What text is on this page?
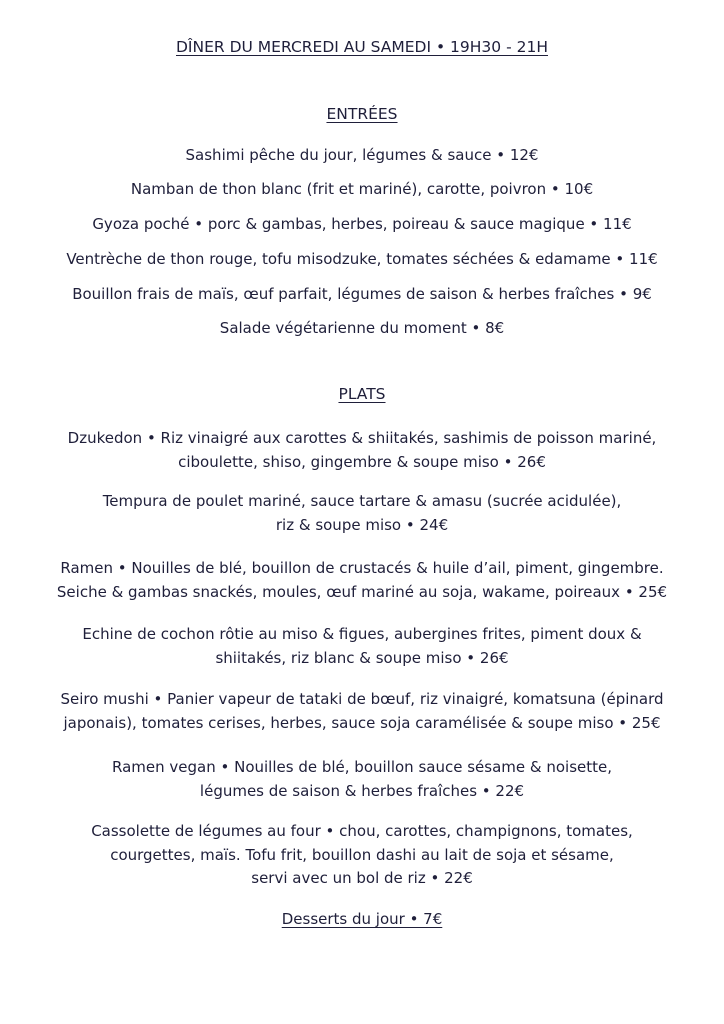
DÎNER DU MERCREDI AU SAMEDI • 19H30 - 21H
ENTRÉES
Sashimi pêche du jour, légumes & sauce • 12€
Namban de thon blanc (frit et mariné), carotte, poivron • 10€
Gyoza poché • porc & gambas, herbes, poireau & sauce magique • 11€
Ventrèche de thon rouge, tofu misodzuke, tomates séchées & edamame • 11€
Bouillon frais de maïs, œuf parfait, légumes de saison & herbes fraîches • 9€
Salade végétarienne du moment • 8€
PLATS
Dzukedon • Riz vinaigré aux carottes & shiitakés, sashimis de poisson mariné,
ciboulette, shiso, gingembre & soupe miso • 26€
Tempura de poulet mariné, sauce tartare & amasu (sucrée acidulée),
riz & soupe miso • 24€
Ramen • Nouilles de blé, bouillon de crustacés & huile d’ail, piment, gingembre.
Seiche & gambas snackés, moules, œuf mariné au soja, wakame, poireaux • 25€
Echine de cochon rôtie au miso & figues, aubergines frites, piment doux &
shiitakés, riz blanc & soupe miso • 26€
Seiro mushi • Panier vapeur de tataki de bœuf, riz vinaigré, komatsuna (épinard
japonais), tomates cerises, herbes, sauce soja caramélisée & soupe miso • 25€
Ramen vegan • Nouilles de blé, bouillon sauce sésame & noisette,
légumes de saison & herbes fraîches • 22€
Cassolette de légumes au four • chou, carottes, champignons, tomates,
courgettes, maïs. Tofu frit, bouillon dashi au lait de soja et sésame,
servi avec un bol de riz • 22€
Desserts du jour • 7€
